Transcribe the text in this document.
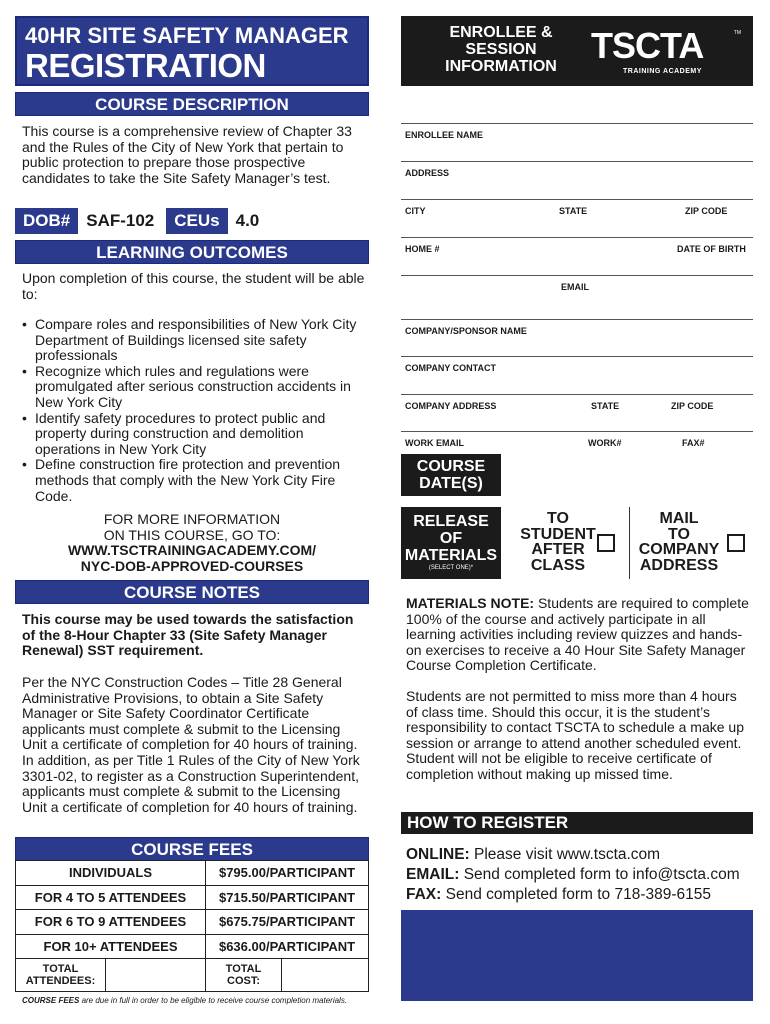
40HR SITE SAFETY MANAGER
REGISTRATION
COURSE DESCRIPTION
This course is a comprehensive review of Chapter 33 and the Rules of the City of New York that pertain to public protection to prepare those prospective candidates to take the Site Safety Manager’s test.
DOB# SAF-102	CEUs 4.0
LEARNING OUTCOMES
Upon completion of this course, the student will be able to:
• Compare roles and responsibilities of New York City Department of Buildings licensed site safety professionals
• Recognize which rules and regulations were promulgated after serious construction accidents in New York City
• Identify safety procedures to protect public and property during construction and demolition operations in New York City
• Define construction fire protection and prevention methods that comply with the New York City Fire Code.
FOR MORE INFORMATION
ON THIS COURSE, GO TO:
WWW.TSCTRAININGACADEMY.COM/
NYC-DOB-APPROVED-COURSES
COURSE NOTES
This course may be used towards the satisfaction of the 8-Hour Chapter 33 (Site Safety Manager Renewal) SST requirement.
Per the NYC Construction Codes – Title 28 General Administrative Provisions, to obtain a Site Safety Manager or Site Safety Coordinator Certificate applicants must complete & submit to the Licensing Unit a certificate of completion for 40 hours of training. In addition, as per Title 1 Rules of the City of New York 3301-02, to register as a Construction Superintendent, applicants must complete & submit to the Licensing Unit a certificate of completion for 40 hours of training.
COURSE FEES
INDIVIDUALS	$795.00/PARTICIPANT
FOR 4 TO 5 ATTENDEES	$715.50/PARTICIPANT
FOR 6 TO 9 ATTENDEES	$675.75/PARTICIPANT
FOR 10+ ATTENDEES	$636.00/PARTICIPANT

TOTAL ATTENDEES:	TOTAL COST:
COURSE FEES are due in full in order to be eligible to receive course completion materials.
ENROLLEE &
SESSION
INFORMATION
TSCTA
TRAINING ACADEMY
TM
ENROLLEE NAME
ADDRESS
CITY	STATE	ZIP CODE
HOME #	DATE OF BIRTH
EMAIL
COMPANY/SPONSOR NAME
COMPANY CONTACT
COMPANY ADDRESS	STATE	ZIP CODE
WORK EMAIL	WORK#	FAX#
COURSE
DATE(S)
RELEASE
OF
MATERIALS
(SELECT ONE)*
TO
STUDENT
AFTER
CLASS
MAIL
TO
COMPANY
ADDRESS
MATERIALS NOTE: Students are required to complete 100% of the course and actively participate in all learning activities including review quizzes and hands-on exercises to receive a 40 Hour Site Safety Manager Course Completion Certificate.
Students are not permitted to miss more than 4 hours of class time. Should this occur, it is the student’s responsibility to contact TSCTA to schedule a make up session or arrange to attend another scheduled event. Student will not be eligible to receive certificate of completion without making up missed time.
HOW TO REGISTER
ONLINE: Please visit www.tscta.com
EMAIL: Send completed form to info@tscta.com
FAX: Send completed form to 718-389-6155
